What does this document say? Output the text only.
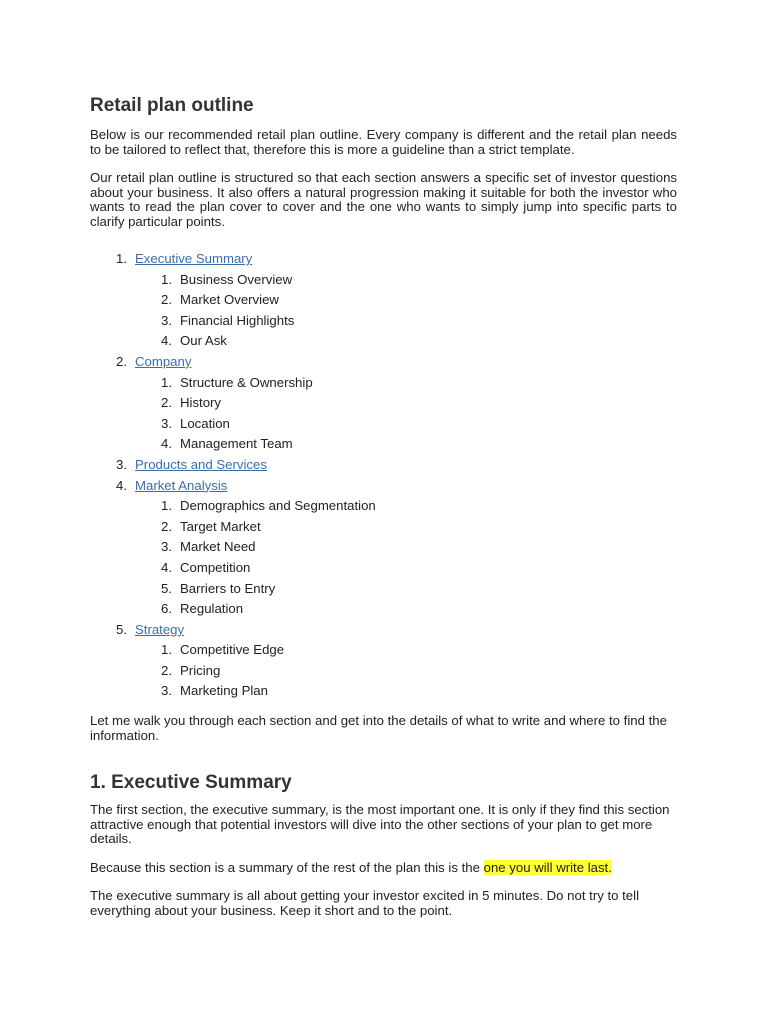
Retail plan outline

Below is our recommended retail plan outline. Every company is different and the retail plan needs to be tailored to reflect that, therefore this is more a guideline than a strict template.

Our retail plan outline is structured so that each section answers a specific set of investor questions about your business. It also offers a natural progression making it suitable for both the investor who wants to read the plan cover to cover and the one who wants to simply jump into specific parts to clarify particular points.

1. Executive Summary
1. Business Overview
2. Market Overview
3. Financial Highlights
4. Our Ask
2. Company
1. Structure & Ownership
2. History
3. Location
4. Management Team
3. Products and Services
4. Market Analysis
1. Demographics and Segmentation
2. Target Market
3. Market Need
4. Competition
5. Barriers to Entry
6. Regulation
5. Strategy
1. Competitive Edge
2. Pricing
3. Marketing Plan

Let me walk you through each section and get into the details of what to write and where to find the information.

1. Executive Summary

The first section, the executive summary, is the most important one. It is only if they find this section attractive enough that potential investors will dive into the other sections of your plan to get more details.

Because this section is a summary of the rest of the plan this is the one you will write last.

The executive summary is all about getting your investor excited in 5 minutes. Do not try to tell everything about your business. Keep it short and to the point.
